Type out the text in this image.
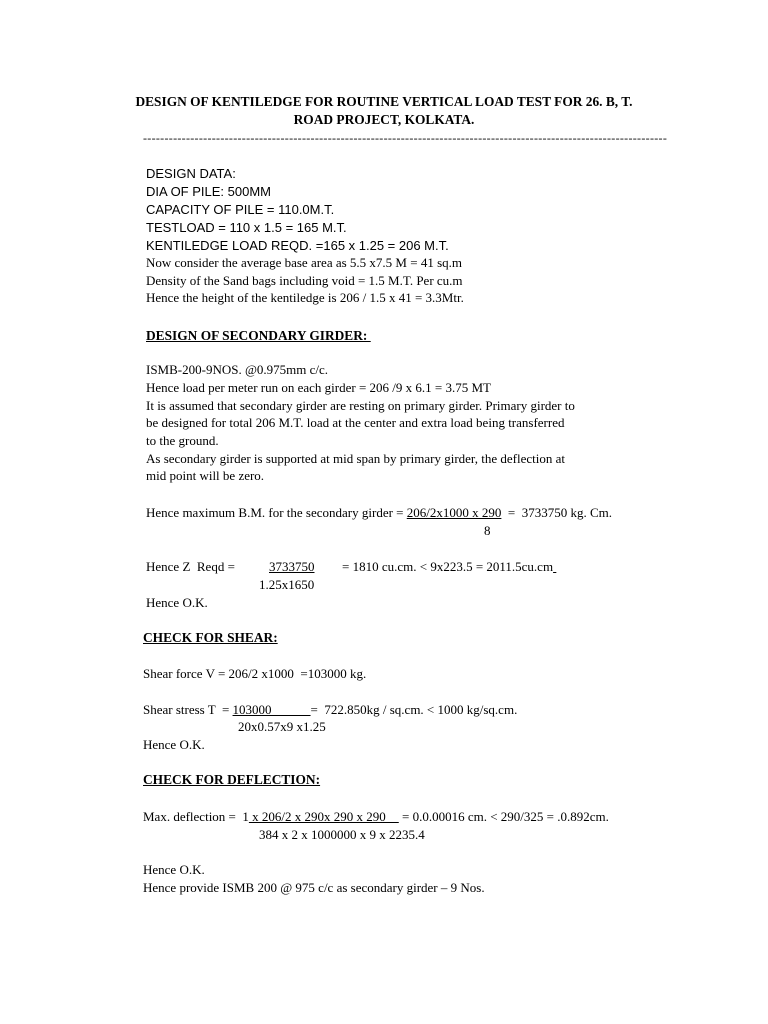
DESIGN OF KENTILEDGE FOR ROUTINE VERTICAL LOAD TEST FOR 26. B, T.
ROAD PROJECT, KOLKATA.
--------------------------------------------------------------------------------------------------------------------------
DESIGN DATA:
DIA OF PILE: 500MM
CAPACITY OF PILE = 110.0M.T.
TESTLOAD = 110 x 1.5 = 165 M.T.
KENTILEDGE LOAD REQD. =165 x 1.25 = 206 M.T.
Now consider the average base area as 5.5 x7.5 M = 41 sq.m
Density of the Sand bags including void = 1.5 M.T. Per cu.m
Hence the height of the kentiledge is 206 / 1.5 x 41 = 3.3Mtr.
DESIGN OF SECONDARY GIRDER:
ISMB-200-9NOS. @0.975mm c/c.
Hence load per meter run on each girder = 206 /9 x 6.1 = 3.75 MT
It is assumed that secondary girder are resting on primary girder. Primary girder to
be designed for total 206 M.T. load at the center and extra load being transferred
to the ground.
As secondary girder is supported at mid span by primary girder, the deflection at
mid point will be zero.
Hence maximum B.M. for the secondary girder = 206/2x1000 x 290  =  3733750 kg. Cm.
8
Hence Z  Reqd =	3733750 = 1810 cu.cm. < 9x223.5 = 2011.5cu.cm
1.25x1650
Hence O.K.
CHECK FOR SHEAR:
Shear force V = 206/2 x1000  =103000 kg.
Shear stress T  = 103000            =  722.850kg / sq.cm. < 1000 kg/sq.cm.
20x0.57x9 x1.25
Hence O.K.
CHECK FOR DEFLECTION:
Max. deflection =  1 x 206/2 x 290x 290 x 290     = 0.0.00016 cm. < 290/325 = .0.892cm.
384 x 2 x 1000000 x 9 x 2235.4
Hence O.K.
Hence provide ISMB 200 @ 975 c/c as secondary girder – 9 Nos.
